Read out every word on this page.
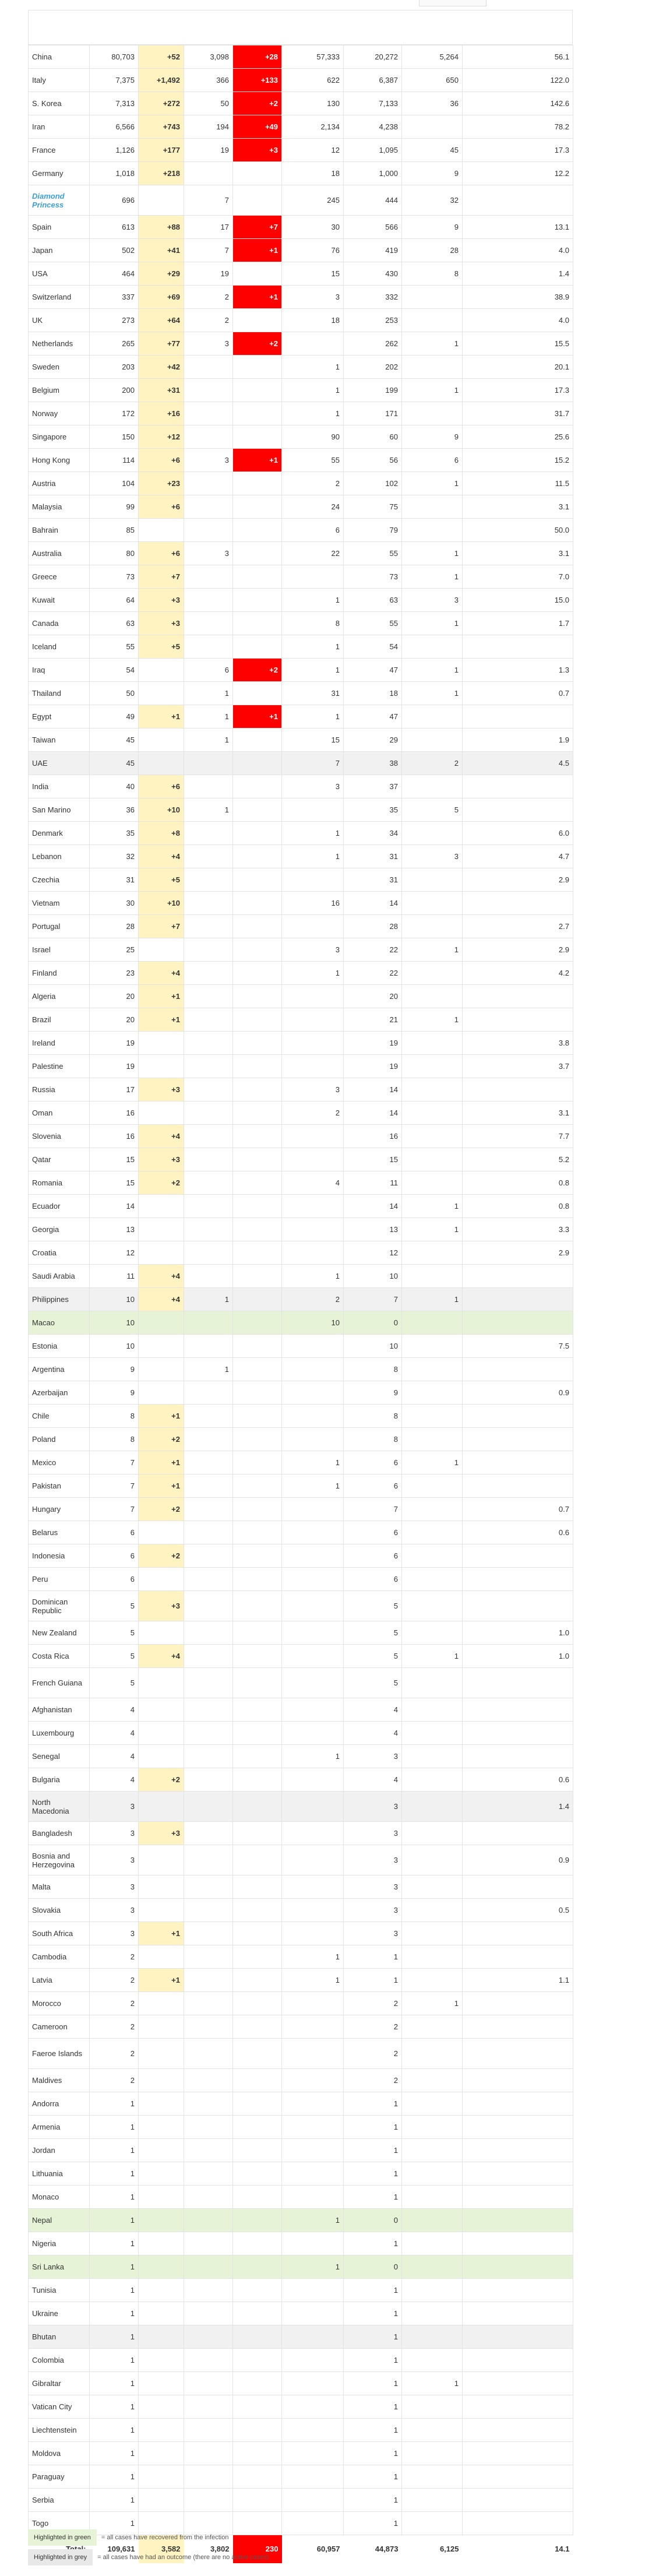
China	80,703	+52	3,098	+28	57,333	20,272	5,264	56.1
Italy	7,375	+1,492	366	+133	622	6,387	650	122.0
S. Korea	7,313	+272	50	+2	130	7,133	36	142.6
Iran	6,566	+743	194	+49	2,134	4,238		78.2
France	1,126	+177	19	+3	12	1,095	45	17.3
Germany	1,018	+218			18	1,000	9	12.2
Diamond Princess	696		7		245	444	32	
Spain	613	+88	17	+7	30	566	9	13.1
Japan	502	+41	7	+1	76	419	28	4.0
USA	464	+29	19		15	430	8	1.4
Switzerland	337	+69	2	+1	3	332		38.9
UK	273	+64	2		18	253		4.0
Netherlands	265	+77	3	+2		262	1	15.5
Sweden	203	+42			1	202		20.1
Belgium	200	+31			1	199	1	17.3
Norway	172	+16			1	171		31.7
Singapore	150	+12			90	60	9	25.6
Hong Kong	114	+6	3	+1	55	56	6	15.2
Austria	104	+23			2	102	1	11.5
Malaysia	99	+6			24	75		3.1
Bahrain	85				6	79		50.0
Australia	80	+6	3		22	55	1	3.1
Greece	73	+7				73	1	7.0
Kuwait	64	+3			1	63	3	15.0
Canada	63	+3			8	55	1	1.7
Iceland	55	+5			1	54		
Iraq	54		6	+2	1	47	1	1.3
Thailand	50		1		31	18	1	0.7
Egypt	49	+1	1	+1	1	47		
Taiwan	45		1		15	29		1.9
UAE	45				7	38	2	4.5
India	40	+6			3	37		
San Marino	36	+10	1			35	5	
Denmark	35	+8			1	34		6.0
Lebanon	32	+4			1	31	3	4.7
Czechia	31	+5				31		2.9
Vietnam	30	+10			16	14		
Portugal	28	+7				28		2.7
Israel	25				3	22	1	2.9
Finland	23	+4			1	22		4.2
Algeria	20	+1				20		
Brazil	20	+1				21	1	
Ireland	19					19		3.8
Palestine	19					19		3.7
Russia	17	+3			3	14		
Oman	16				2	14		3.1
Slovenia	16	+4				16		7.7
Qatar	15	+3				15		5.2
Romania	15	+2			4	11		0.8
Ecuador	14					14	1	0.8
Georgia	13					13	1	3.3
Croatia	12					12		2.9
Saudi Arabia	11	+4			1	10		
Philippines	10	+4	1		2	7	1	
Macao	10				10	0		
Estonia	10					10		7.5
Argentina	9		1			8		
Azerbaijan	9					9		0.9
Chile	8	+1				8		
Poland	8	+2				8		
Mexico	7	+1			1	6	1	
Pakistan	7	+1			1	6		
Hungary	7	+2				7		0.7
Belarus	6					6		0.6
Indonesia	6	+2				6		
Peru	6					6		
Dominican Republic	5	+3				5		
New Zealand	5					5		1.0
Costa Rica	5	+4				5	1	1.0
French Guiana	5					5		
Afghanistan	4					4		
Luxembourg	4					4		
Senegal	4				1	3		
Bulgaria	4	+2				4		0.6
North Macedonia	3					3		1.4
Bangladesh	3	+3				3		
Bosnia and Herzegovina	3					3		0.9
Malta	3					3		
Slovakia	3					3		0.5
South Africa	3	+1				3		
Cambodia	2				1	1		
Latvia	2	+1			1	1		1.1
Morocco	2					2	1	
Cameroon	2					2		
Faeroe Islands	2					2		
Maldives	2					2		
Andorra	1					1		
Armenia	1					1		
Jordan	1					1		
Lithuania	1					1		
Monaco	1					1		
Nepal	1				1	0		
Nigeria	1					1		
Sri Lanka	1				1	0		
Tunisia	1					1		
Ukraine	1					1		
Bhutan	1					1		
Colombia	1					1		
Gibraltar	1					1	1	
Vatican City	1					1		
Liechtenstein	1					1		
Moldova	1					1		
Paraguay	1					1		
Serbia	1					1		
Togo	1					1		
	109,631	3,582	3,802	230	60,957	44,873	6,125	14.1
Highlighted in green	= all cases have recovered from the infection
Highlighted in grey	= all cases have had an outcome (there are no active cases)
